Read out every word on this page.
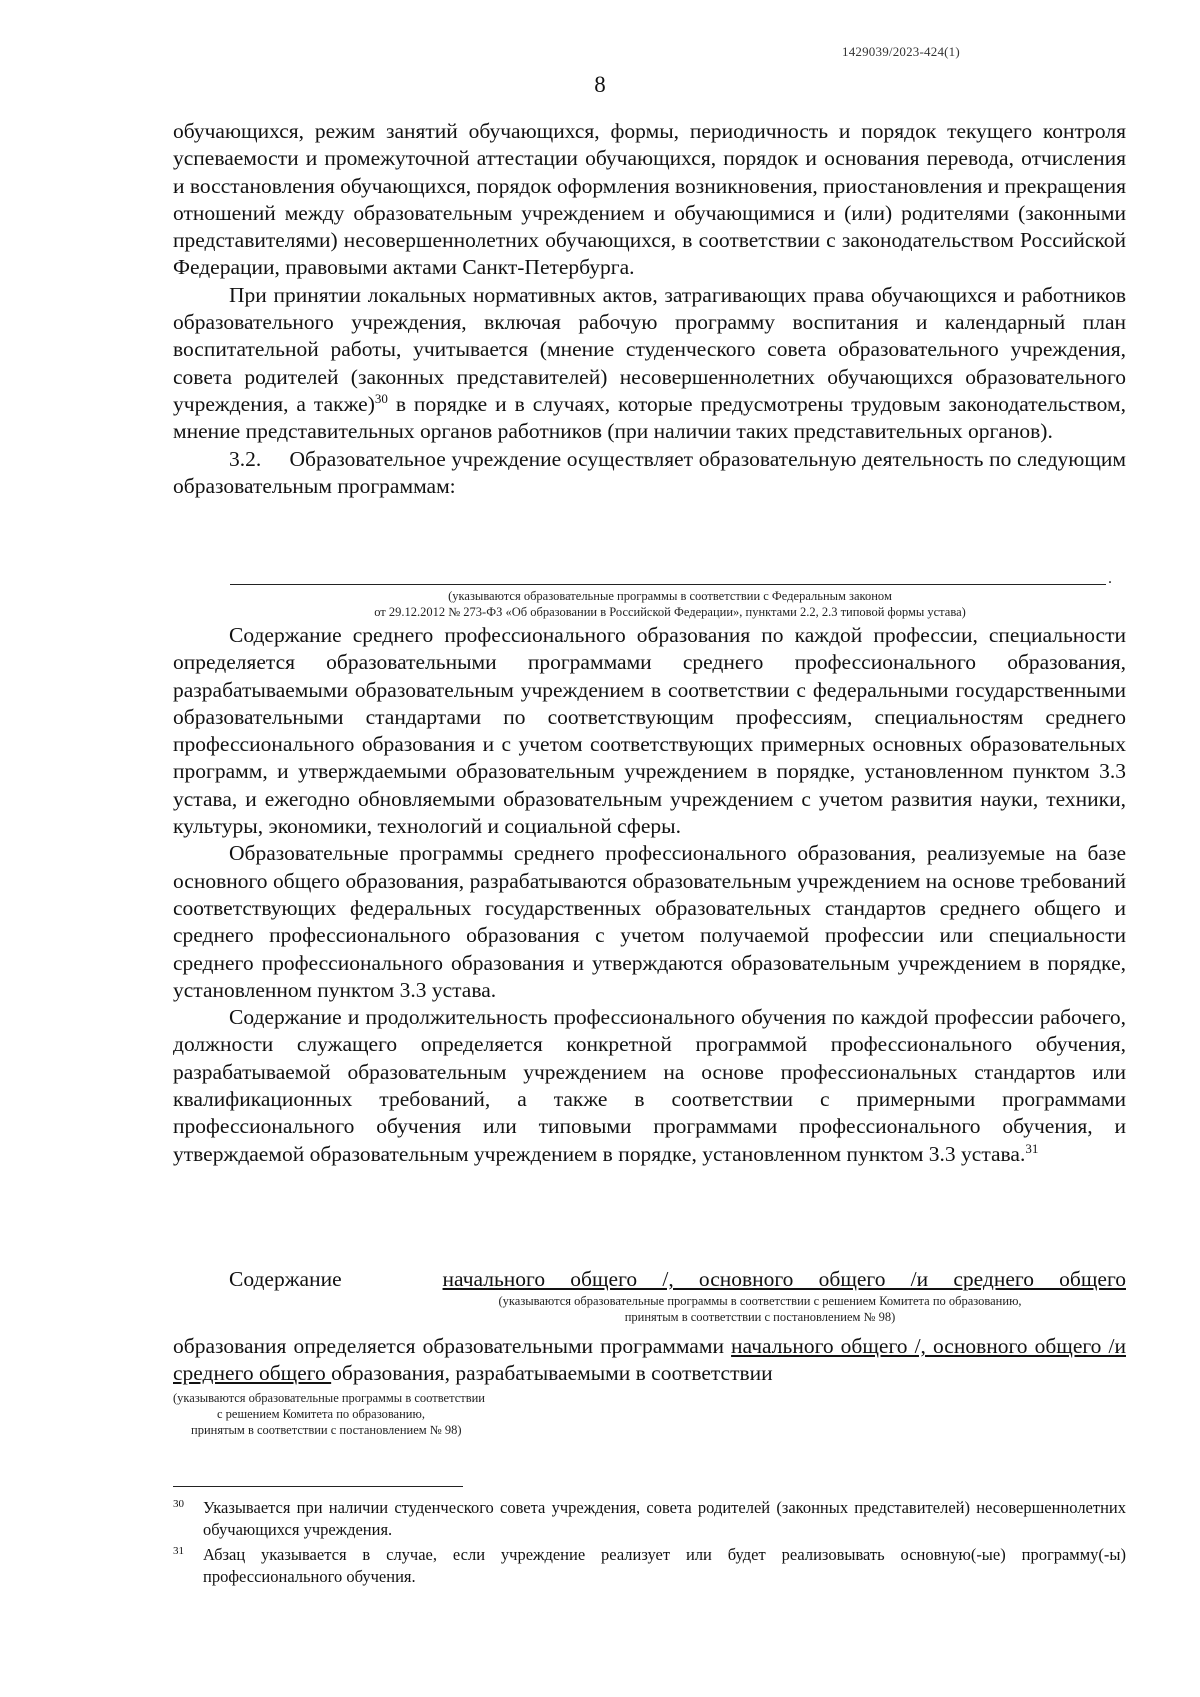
1429039/2023-424(1)
8

обучающихся, режим занятий обучающихся, формы, периодичность и порядок текущего контроля успеваемости и промежуточной аттестации обучающихся, порядок и основания перевода, отчисления и восстановления обучающихся, порядок оформления возникновения, приостановления и прекращения отношений между образовательным учреждением и обучающимися и (или) родителями (законными представителями) несовершеннолетних обучающихся, в соответствии с законодательством Российской Федерации, правовыми актами Санкт-Петербурга.

При принятии локальных нормативных актов, затрагивающих права обучающихся и работников образовательного учреждения, включая рабочую программу воспитания и календарный план воспитательной работы, учитывается (мнение студенческого совета образовательного учреждения, совета родителей (законных представителей) несовершеннолетних обучающихся образовательного учреждения, а также)$^{30}$ в порядке и в случаях, которые предусмотрены трудовым законодательством, мнение представительных органов работников (при наличии таких представительных органов).

3.2.     Образовательное учреждение осуществляет образовательную деятельность по следующим образовательным программам:

.
(указываются образовательные программы в соответствии с Федеральным законом
от 29.12.2012 № 273-ФЗ «Об образовании в Российской Федерации», пунктами 2.2, 2.3 типовой формы устава)

Содержание среднего профессионального образования по каждой профессии, специальности определяется образовательными программами среднего профессионального образования, разрабатываемыми образовательным учреждением в соответствии с федеральными государственными образовательными стандартами по соответствующим профессиям, специальностям среднего профессионального образования и с учетом соответствующих примерных основных образовательных программ, и утверждаемыми образовательным учреждением в порядке, установленном пунктом 3.3 устава, и ежегодно обновляемыми образовательным учреждением с учетом развития науки, техники, культуры, экономики, технологий и социальной сферы.

Образовательные программы среднего профессионального образования, реализуемые на базе основного общего образования, разрабатываются образовательным учреждением на основе требований соответствующих федеральных государственных образовательных стандартов среднего общего и среднего профессионального образования с учетом получаемой профессии или специальности среднего профессионального образования и утверждаются образовательным учреждением в порядке, установленном пунктом 3.3 устава.

Содержание и продолжительность профессионального обучения по каждой профессии рабочего, должности служащего определяется конкретной программой профессионального обучения, разрабатываемой образовательным учреждением на основе профессиональных стандартов или квалификационных требований, а также в соответствии с примерными программами профессионального обучения или типовыми программами профессионального обучения, и утверждаемой образовательным учреждением в порядке, установленном пунктом 3.3 устава.$^{31}$

Содержание	начального общего /, основного общего /и среднего общего

(указываются образовательные программы в соответствии с решением Комитета по образованию,
принятым в соответствии с постановлением № 98)

образования определяется образовательными программами начального общего /, основного общего /и среднего общего образования, разрабатываемыми в соответствии

(указываются образовательные программы в соответствии
с решением Комитета по образованию,
принятым в соответствии с постановлением № 98)
30 Указывается при наличии студенческого совета учреждения, совета родителей (законных представителей) несовершеннолетних обучающихся учреждения.
31 Абзац указывается в случае, если учреждение реализует или будет реализовывать основную(-ые) программу(-ы) профессионального обучения.
